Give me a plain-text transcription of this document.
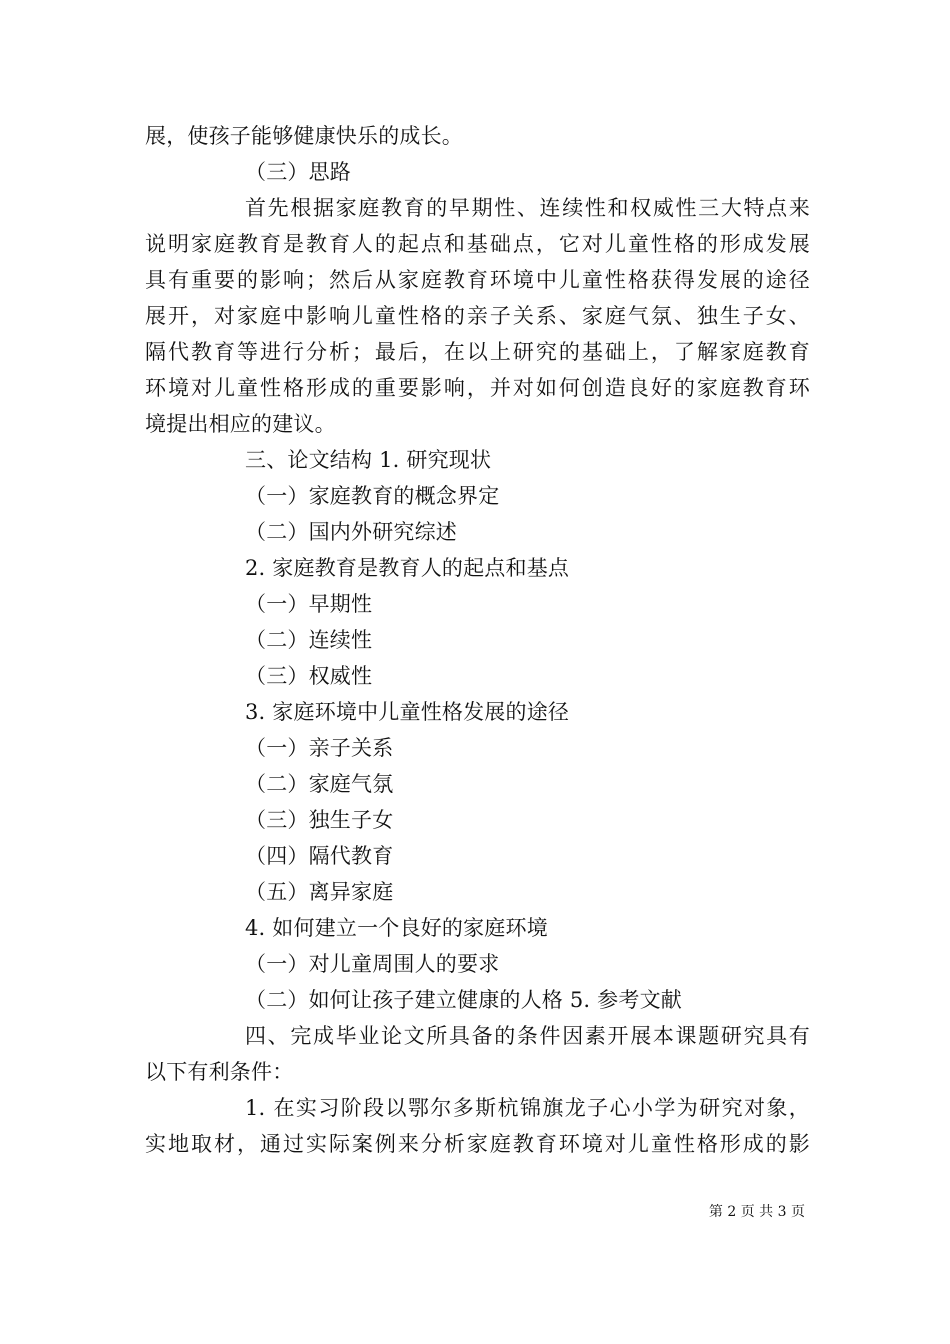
展，使孩子能够健康快乐的成长。
（三）思路
首先根据家庭教育的早期性、连续性和权威性三大特点来
说明家庭教育是教育人的起点和基础点，它对儿童性格的形成发展
具有重要的影响；然后从家庭教育环境中儿童性格获得发展的途径
展开，对家庭中影响儿童性格的亲子关系、家庭气氛、独生子女、
隔代教育等进行分析；最后，在以上研究的基础上，了解家庭教育
环境对儿童性格形成的重要影响，并对如何创造良好的家庭教育环
境提出相应的建议。
三、论文结构 1. 研究现状
（一）家庭教育的概念界定
（二）国内外研究综述
2. 家庭教育是教育人的起点和基点
（一）早期性
（二）连续性
（三）权威性
3. 家庭环境中儿童性格发展的途径
（一）亲子关系
（二）家庭气氛
（三）独生子女
（四）隔代教育
（五）离异家庭
4. 如何建立一个良好的家庭环境
（一）对儿童周围人的要求
（二）如何让孩子建立健康的人格 5. 参考文献
四、完成毕业论文所具备的条件因素开展本课题研究具有
以下有利条件：
1. 在实习阶段以鄂尔多斯杭锦旗龙子心小学为研究对象，
实地取材，通过实际案例来分析家庭教育环境对儿童性格形成的影
第 2 页 共 3 页
